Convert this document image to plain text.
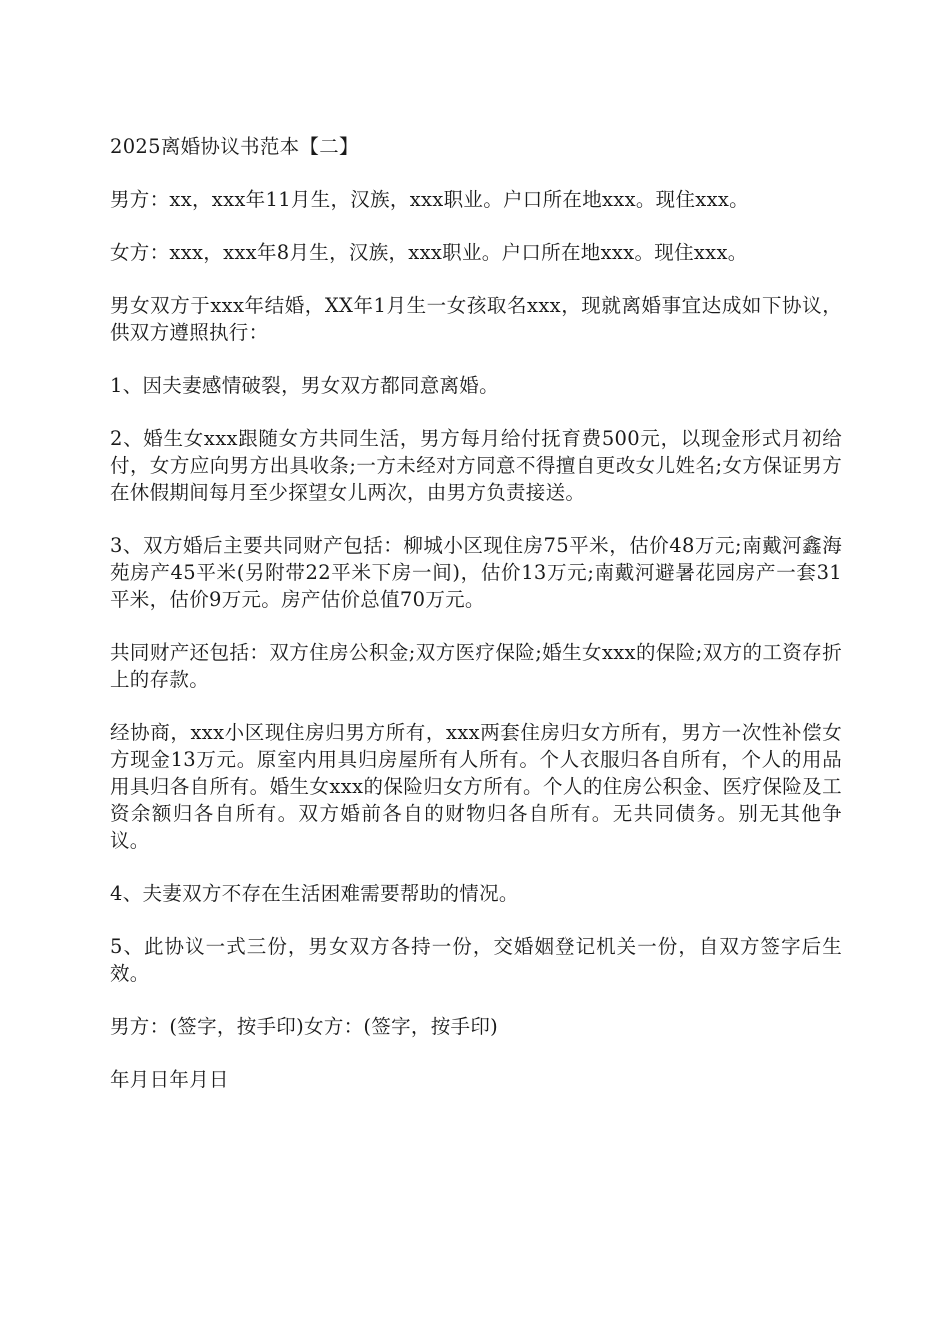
2025离婚协议书范本【二】

男方：xx，xxx年11月生，汉族，xxx职业。户口所在地xxx。现住xxx。

女方：xxx，xxx年8月生，汉族，xxx职业。户口所在地xxx。现住xxx。

男女双方于xxx年结婚，XX年1月生一女孩取名xxx，现就离婚事宜达成如下协议，供双方遵照执行：

1、因夫妻感情破裂，男女双方都同意离婚。

2、婚生女xxx跟随女方共同生活，男方每月给付抚育费500元，以现金形式月初给付，女方应向男方出具收条;一方未经对方同意不得擅自更改女儿姓名;女方保证男方在休假期间每月至少探望女儿两次，由男方负责接送。

3、双方婚后主要共同财产包括：柳城小区现住房75平米，估价48万元;南戴河鑫海苑房产45平米(另附带22平米下房一间)，估价13万元;南戴河避暑花园房产一套31平米，估价9万元。房产估价总值70万元。

共同财产还包括：双方住房公积金;双方医疗保险;婚生女xxx的保险;双方的工资存折上的存款。

经协商，xxx小区现住房归男方所有，xxx两套住房归女方所有，男方一次性补偿女方现金13万元。原室内用具归房屋所有人所有。个人衣服归各自所有，个人的用品用具归各自所有。婚生女xxx的保险归女方所有。个人的住房公积金、医疗保险及工资余额归各自所有。双方婚前各自的财物归各自所有。无共同债务。别无其他争议。

4、夫妻双方不存在生活困难需要帮助的情况。

5、此协议一式三份，男女双方各持一份，交婚姻登记机关一份，自双方签字后生效。

男方：(签字，按手印)女方：(签字，按手印)

年月日年月日
